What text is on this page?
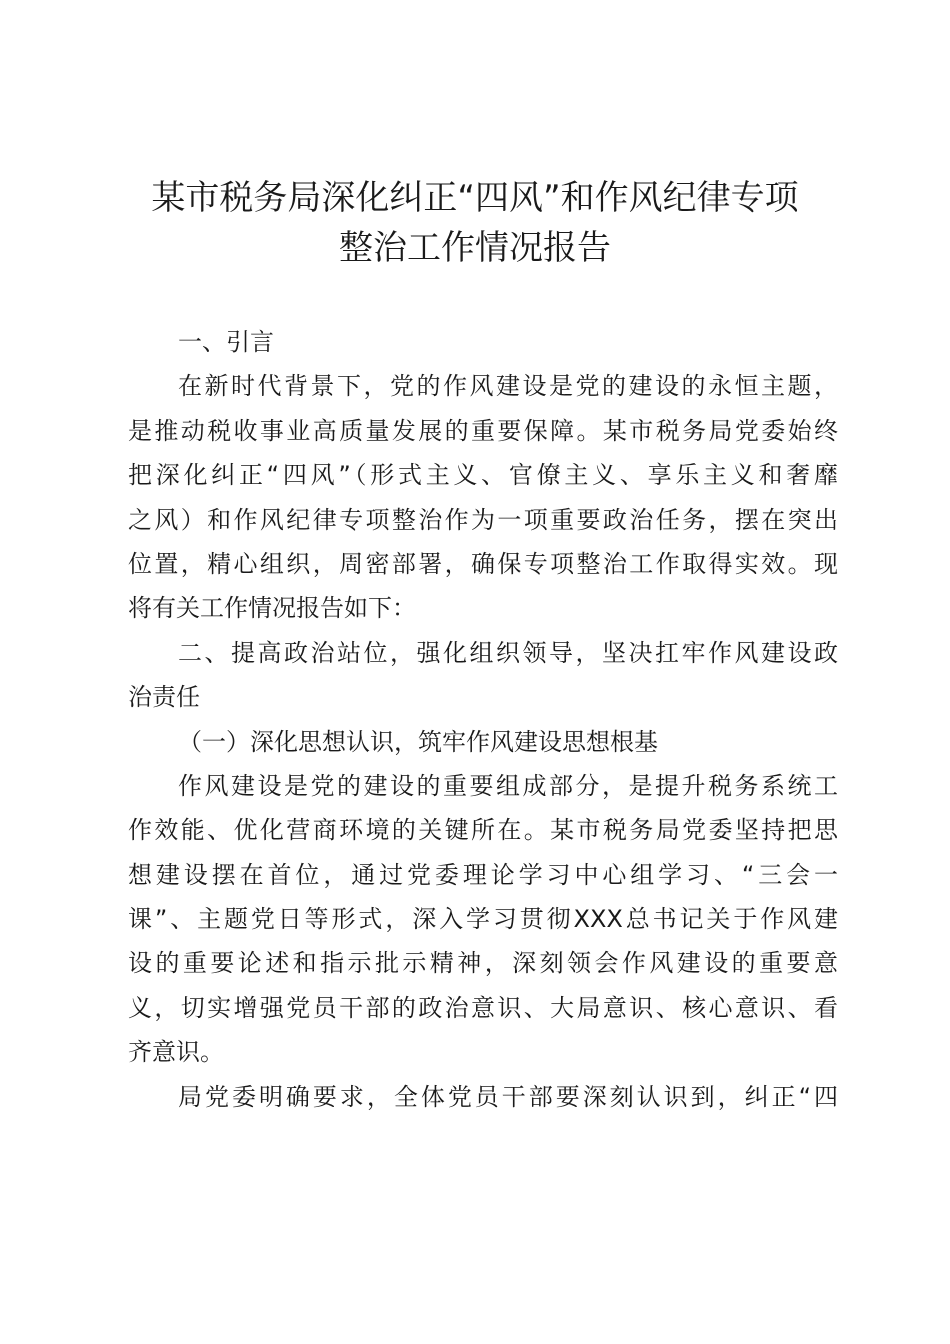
某市税务局深化纠正“四风”和作风纪律专项
整治工作情况报告
一、引言
在新时代背景下，党的作风建设是党的建设的永恒主题，
是推动税收事业高质量发展的重要保障。某市税务局党委始终
把深化纠正“四风”（形式主义、官僚主义、享乐主义和奢靡
之风）和作风纪律专项整治作为一项重要政治任务，摆在突出
位置，精心组织，周密部署，确保专项整治工作取得实效。现
将有关工作情况报告如下：
二、提高政治站位，强化组织领导，坚决扛牢作风建设政
治责任
（一）深化思想认识，筑牢作风建设思想根基
作风建设是党的建设的重要组成部分，是提升税务系统工
作效能、优化营商环境的关键所在。某市税务局党委坚持把思
想建设摆在首位，通过党委理论学习中心组学习、“三会一
课”、主题党日等形式，深入学习贯彻XXX总书记关于作风建
设的重要论述和指示批示精神，深刻领会作风建设的重要意
义，切实增强党员干部的政治意识、大局意识、核心意识、看
齐意识。
局党委明确要求，全体党员干部要深刻认识到，纠正“四
